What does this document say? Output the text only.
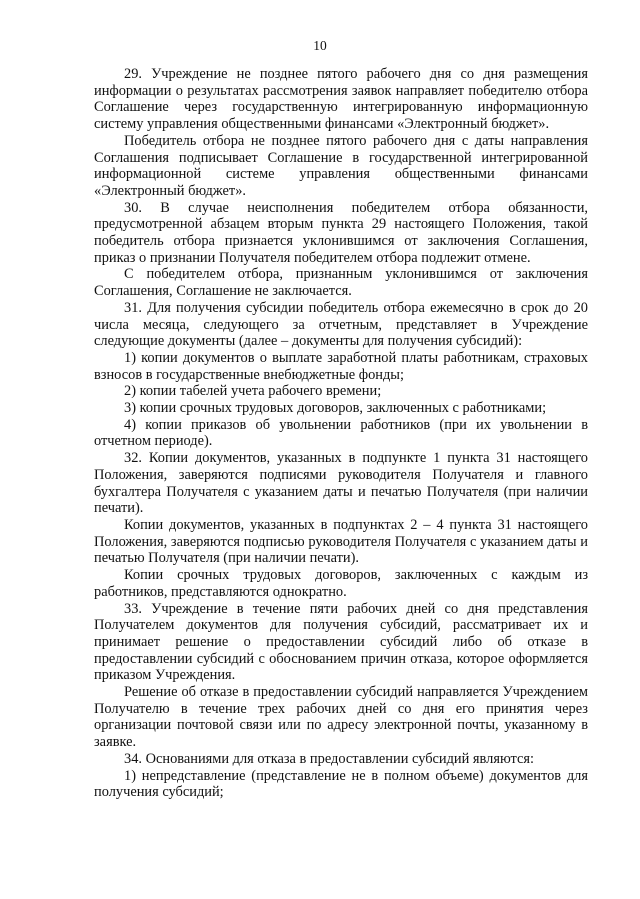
10

29. Учреждение не позднее пятого рабочего дня со дня размещения информации о результатах рассмотрения заявок направляет победителю отбора Соглашение через государственную интегрированную информационную систему управления общественными финансами «Электронный бюджет».

Победитель отбора не позднее пятого рабочего дня с даты направления Соглашения подписывает Соглашение в государственной интегрированной информационной системе управления общественными финансами «Электронный бюджет».

30. В случае неисполнения победителем отбора обязанности, предусмотренной абзацем вторым пункта 29 настоящего Положения, такой победитель отбора признается уклонившимся от заключения Соглашения, приказ о признании Получателя победителем отбора подлежит отмене.

С победителем отбора, признанным уклонившимся от заключения Соглашения, Соглашение не заключается.

31. Для получения субсидии победитель отбора ежемесячно в срок до 20 числа месяца, следующего за отчетным, представляет в Учреждение следующие документы (далее – документы для получения субсидий):

1) копии документов о выплате заработной платы работникам, страховых взносов в государственные внебюджетные фонды;

2) копии табелей учета рабочего времени;

3) копии срочных трудовых договоров, заключенных с работниками;

4) копии приказов об увольнении работников (при их увольнении в отчетном периоде).

32. Копии документов, указанных в подпункте 1 пункта 31 настоящего Положения, заверяются подписями руководителя Получателя и главного бухгалтера Получателя с указанием даты и печатью Получателя (при наличии печати).

Копии документов, указанных в подпунктах 2 – 4 пункта 31 настоящего Положения, заверяются подписью руководителя Получателя с указанием даты и печатью Получателя (при наличии печати).

Копии срочных трудовых договоров, заключенных с каждым из работников, представляются однократно.

33. Учреждение в течение пяти рабочих дней со дня представления Получателем документов для получения субсидий, рассматривает их и принимает решение о предоставлении субсидий либо об отказе в предоставлении субсидий с обоснованием причин отказа, которое оформляется приказом Учреждения.

Решение об отказе в предоставлении субсидий направляется Учреждением Получателю в течение трех рабочих дней со дня его принятия через организации почтовой связи или по адресу электронной почты, указанному в заявке.

34. Основаниями для отказа в предоставлении субсидий являются:

1) непредставление (представление не в полном объеме) документов для получения субсидий;
